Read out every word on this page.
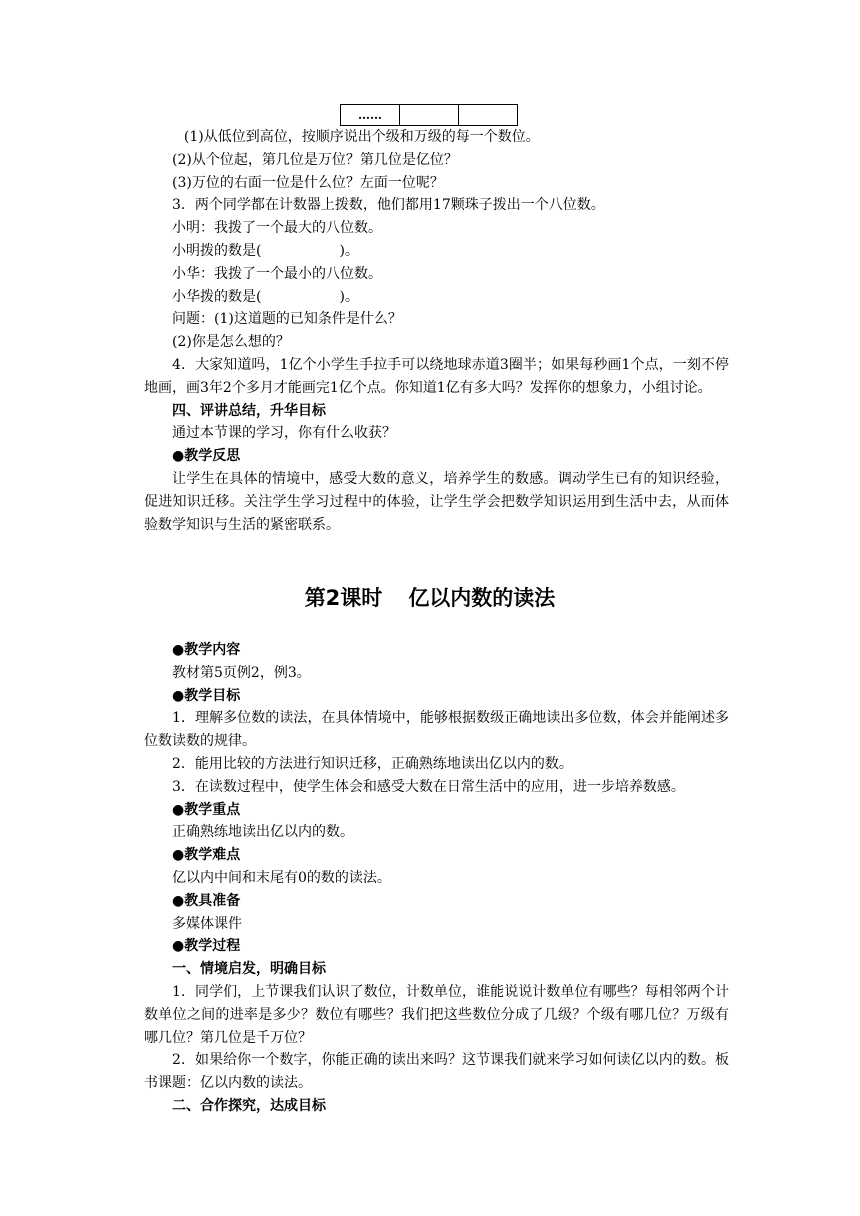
……		

(1)从低位到高位，按顺序说出个级和万级的每一个数位。

(2)从个位起，第几位是万位？第几位是亿位？

(3)万位的右面一位是什么位？左面一位呢？

3．两个同学都在计数器上拨数，他们都用17颗珠子拨出一个八位数。

小明：我拨了一个最大的八位数。

小明拨的数是(	)。

小华：我拨了一个最小的八位数。

小华拨的数是(	)。

问题：(1)这道题的已知条件是什么？

(2)你是怎么想的？

4．大家知道吗，1亿个小学生手拉手可以绕地球赤道3圈半；如果每秒画1个点，一刻不停地画，画3年2个多月才能画完1亿个点。你知道1亿有多大吗？发挥你的想象力，小组讨论。

四、评讲总结，升华目标

通过本节课的学习，你有什么收获？

●教学反思

让学生在具体的情境中，感受大数的意义，培养学生的数感。调动学生已有的知识经验，促进知识迁移。关注学生学习过程中的体验，让学生学会把数学知识运用到生活中去，从而体验数学知识与生活的紧密联系。

第2课时 亿以内数的读法

●教学内容

教材第5页例2，例3。

●教学目标

1．理解多位数的读法，在具体情境中，能够根据数级正确地读出多位数，体会并能阐述多位数读数的规律。

2．能用比较的方法进行知识迁移，正确熟练地读出亿以内的数。

3．在读数过程中，使学生体会和感受大数在日常生活中的应用，进一步培养数感。

●教学重点

正确熟练地读出亿以内的数。

●教学难点

亿以内中间和末尾有0的数的读法。

●教具准备

多媒体课件

●教学过程

一、情境启发，明确目标

1．同学们，上节课我们认识了数位，计数单位，谁能说说计数单位有哪些？每相邻两个计数单位之间的进率是多少？数位有哪些？我们把这些数位分成了几级？个级有哪几位？万级有哪几位？第几位是千万位？

2．如果给你一个数字，你能正确的读出来吗？这节课我们就来学习如何读亿以内的数。板书课题：亿以内数的读法。

二、合作探究，达成目标
